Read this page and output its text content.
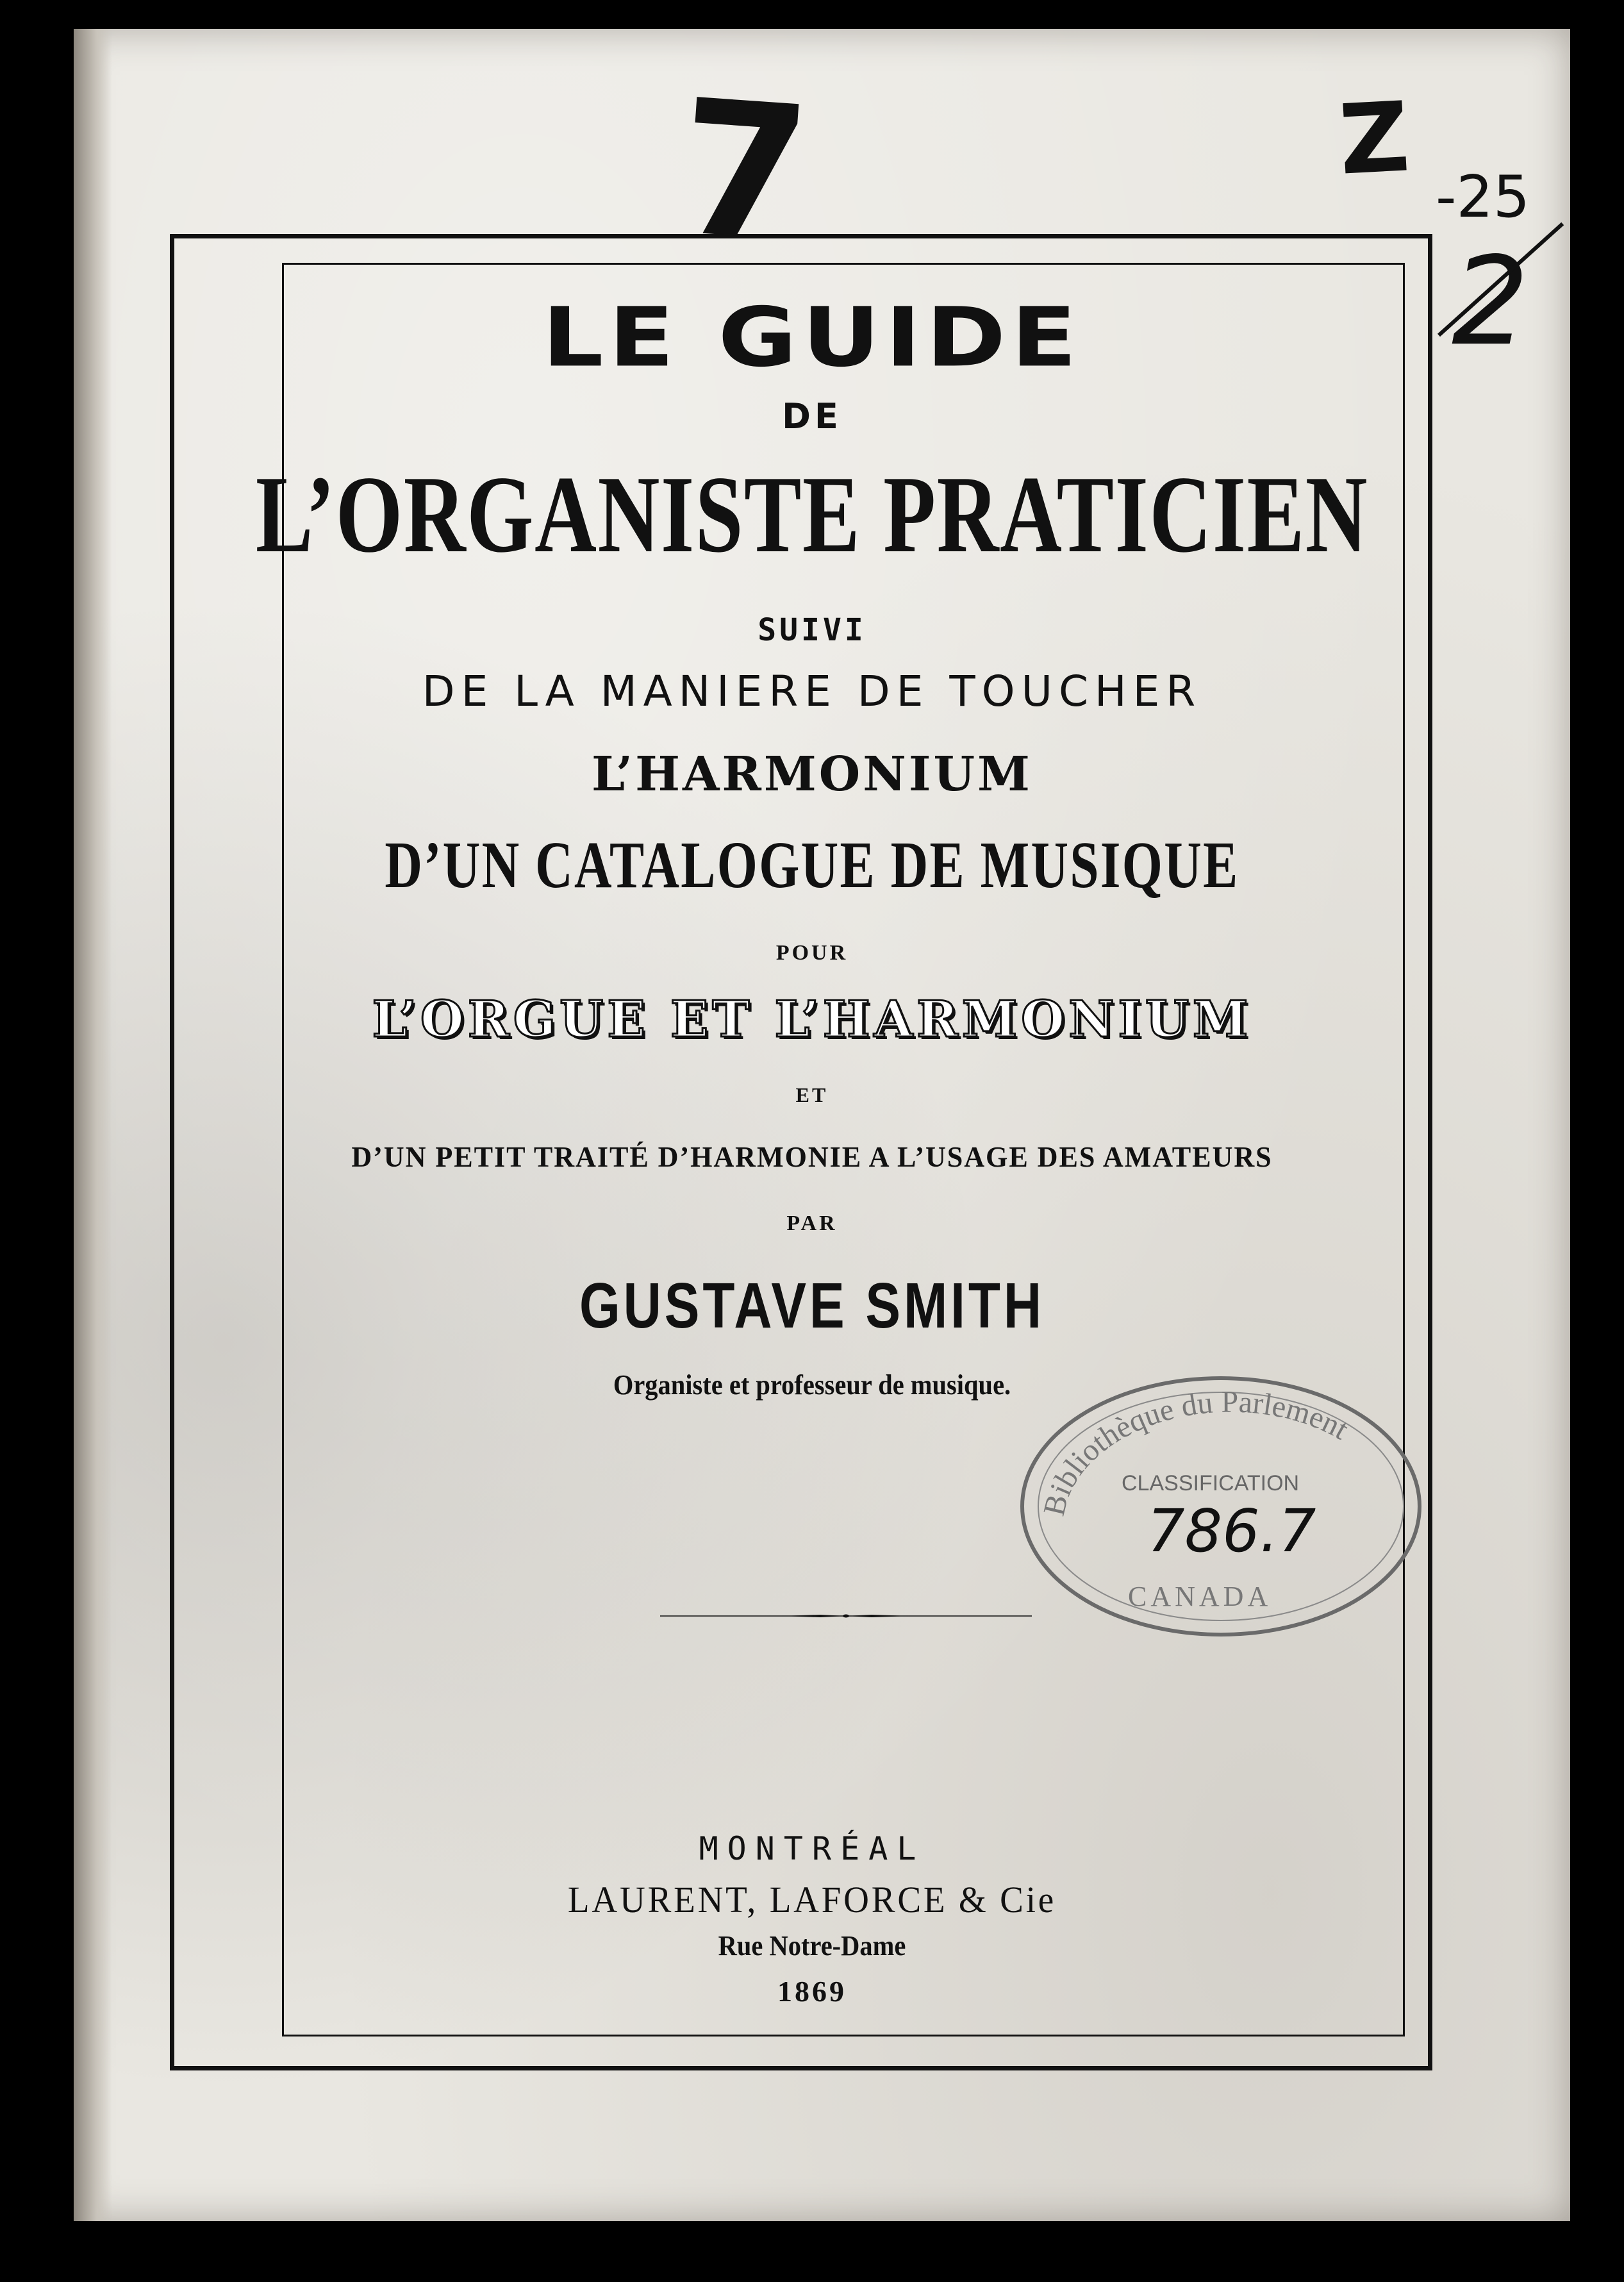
7	Z
-25
2
LE GUIDE
DE
L’ORGANISTE PRATICIEN
SUIVI
DE LA MANIERE DE TOUCHER
L’HARMONIUM
D’UN CATALOGUE DE MUSIQUE
POUR
L’ORGUE ET L’HARMONIUM
ET
D’UN PETIT TRAITÉ D’HARMONIE A L’USAGE DES AMATEURS
PAR
GUSTAVE SMITH
Organiste et professeur de musique.
Bibliothèque du Parlement
CLASSIFICATION
786.7
CANADA
MONTRÉAL
LAURENT, LAFORCE & Cie
Rue Notre-Dame
1869
